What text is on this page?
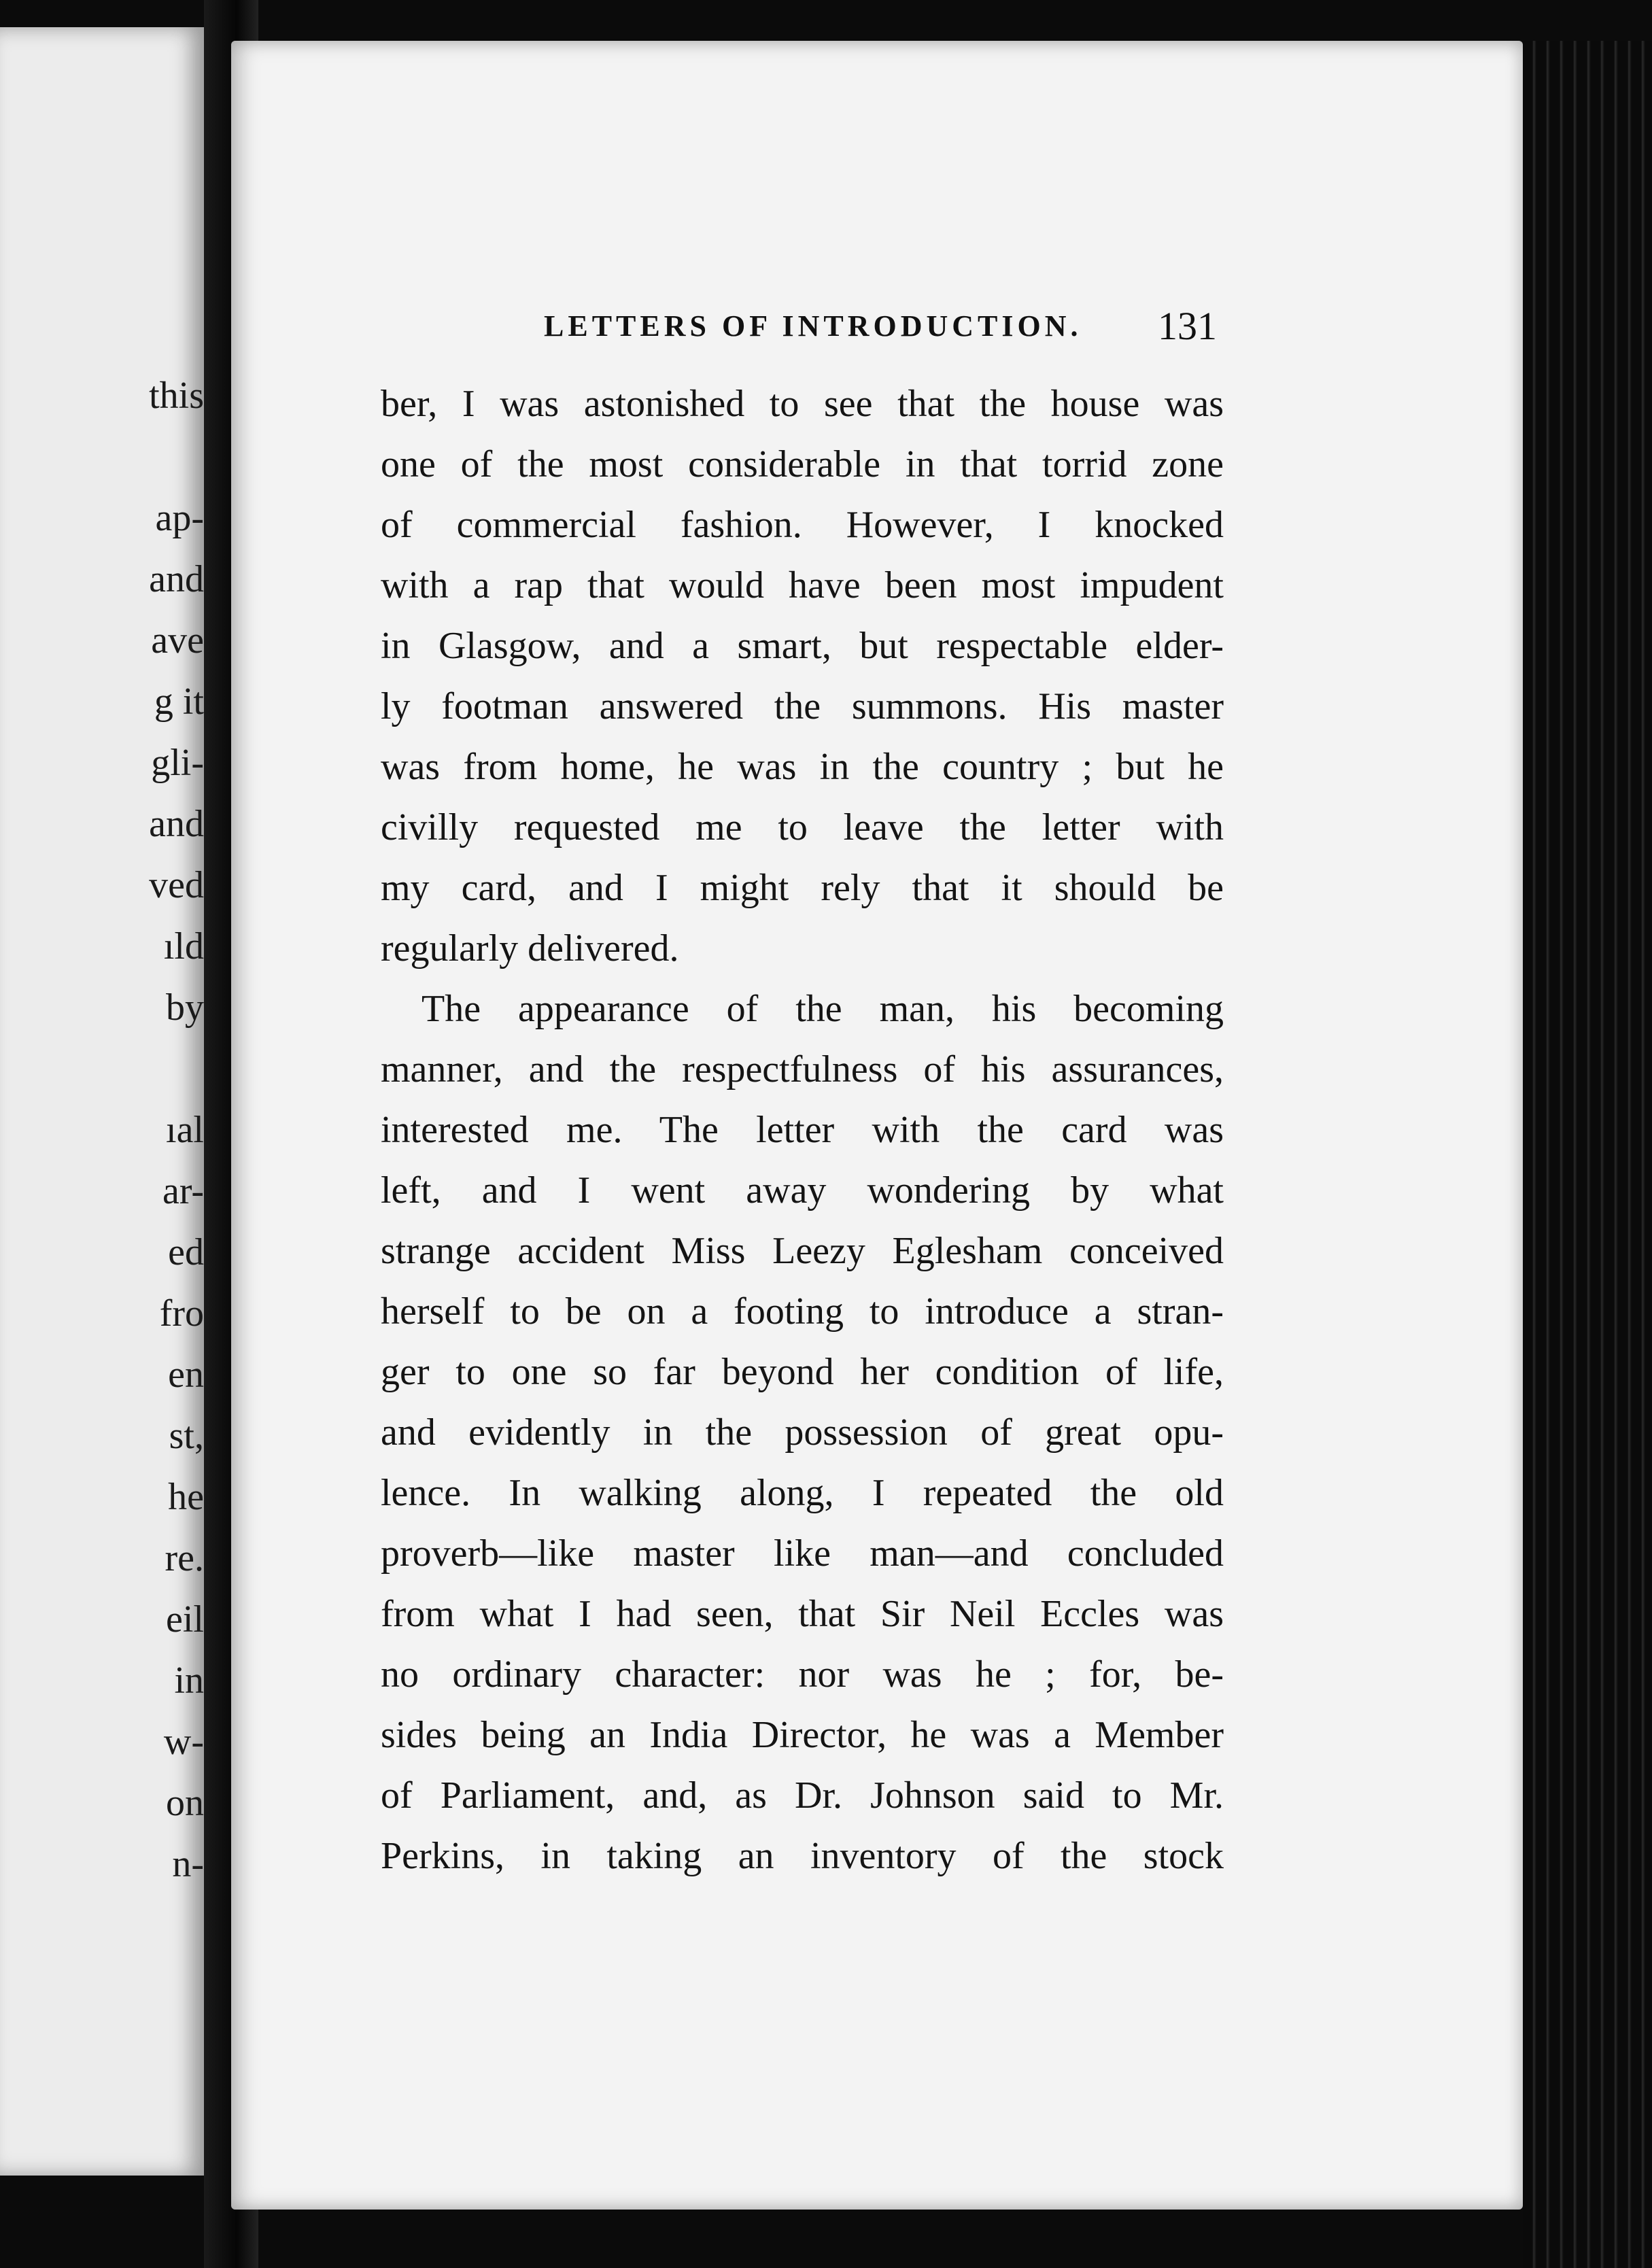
this
ap-
and
ave
g it
gli-
and
ved
ıld
by
ıal
ar-
ed
fro
en
st,
he
re.
eil
in
w-
on
n-
LETTERS OF INTRODUCTION. 131
ber, I was astonished to see that the house was
one of the most considerable in that torrid zone
of commercial fashion. However, I knocked
with a rap that would have been most impudent
in Glasgow, and a smart, but respectable elder-
ly footman answered the summons. His master
was from home, he was in the country ; but he
civilly requested me to leave the letter with
my card, and I might rely that it should be
regularly delivered.
The appearance of the man, his becoming
manner, and the respectfulness of his assurances,
interested me. The letter with the card was
left, and I went away wondering by what
strange accident Miss Leezy Eglesham conceived
herself to be on a footing to introduce a stran-
ger to one so far beyond her condition of life,
and evidently in the possession of great opu-
lence. In walking along, I repeated the old
proverb—like master like man—and concluded
from what I had seen, that Sir Neil Eccles was
no ordinary character: nor was he ; for, be-
sides being an India Director, he was a Member
of Parliament, and, as Dr. Johnson said to Mr.
Perkins, in taking an inventory of the stock
